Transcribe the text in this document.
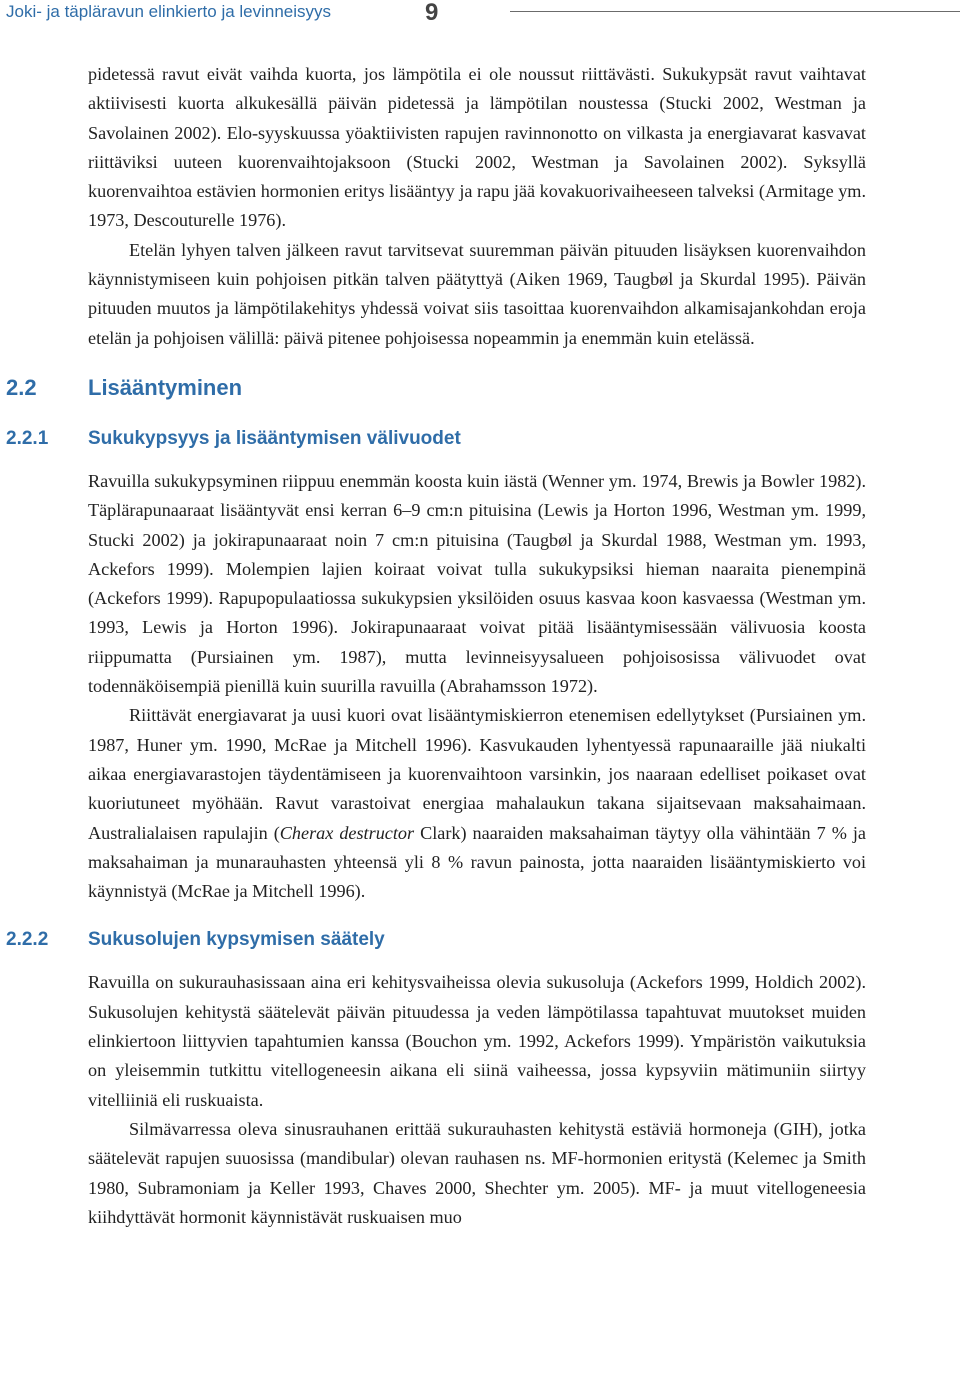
Joki- ja täpläravun elinkierto ja levinneisyys	9

pidetessä ravut eivät vaihda kuorta, jos lämpötila ei ole noussut riittävästi. Sukukypsät ravut vaihtavat aktiivisesti kuorta alkukesällä päivän pidetessä ja lämpötilan noustessa (Stucki 2002, Westman ja Savolainen 2002). Elo-syyskuussa yöaktiivisten rapujen ravinnonotto on vilkasta ja energiavarat kasvavat riittäviksi uuteen kuorenvaihtojaksoon (Stucki 2002, Westman ja Savolainen 2002). Syksyllä kuorenvaihtoa estävien hormonien eritys lisääntyy ja rapu jää kovakuorivaiheeseen talveksi (Armitage ym. 1973, Descouturelle 1976).

Etelän lyhyen talven jälkeen ravut tarvitsevat suuremman päivän pituuden lisäyksen kuorenvaihdon käynnistymiseen kuin pohjoisen pitkän talven päätyttyä (Aiken 1969, Taugbøl ja Skurdal 1995). Päivän pituuden muutos ja lämpötilakehitys yhdessä voivat siis tasoittaa kuorenvaihdon alkamisajankohdan eroja etelän ja pohjoisen välillä: päivä pitenee pohjoisessa nopeammin ja enemmän kuin etelässä.

2.2 Lisääntyminen
2.2.1 Sukukypsyys ja lisääntymisen välivuodet

Ravuilla sukukypsyminen riippuu enemmän koosta kuin iästä (Wenner ym. 1974, Brewis ja Bowler 1982). Täplärapunaaraat lisääntyvät ensi kerran 6–9 cm:n pituisina (Lewis ja Horton 1996, Westman ym. 1999, Stucki 2002) ja jokirapunaaraat noin 7 cm:n pituisina (Taugbøl ja Skurdal 1988, Westman ym. 1993, Ackefors 1999). Molempien lajien koiraat voivat tulla sukukypsiksi hieman naaraita pienempinä (Ackefors 1999). Rapupopulaatiossa sukukypsien yksilöiden osuus kasvaa koon kasvaessa (Westman ym. 1993, Lewis ja Horton 1996). Jokirapunaaraat voivat pitää lisääntymisessään välivuosia koosta riippumatta (Pursiainen ym. 1987), mutta levinneisyysalueen pohjoisosissa välivuodet ovat todennäköisempiä pienillä kuin suurilla ravuilla (Abrahamsson 1972).

Riittävät energiavarat ja uusi kuori ovat lisääntymiskierron etenemisen edellytykset (Pursiainen ym. 1987, Huner ym. 1990, McRae ja Mitchell 1996). Kasvukauden lyhentyessä rapunaaraille jää niukalti aikaa energiavarastojen täydentämiseen ja kuorenvaihtoon varsinkin, jos naaraan edelliset poikaset ovat kuoriutuneet myöhään. Ravut varastoivat energiaa mahalaukun takana sijaitsevaan maksahaimaan. Australialaisen rapulajin (Cherax destructor Clark) naaraiden maksahaiman täytyy olla vähintään 7 % ja maksahaiman ja munarauhasten yhteensä yli 8 % ravun painosta, jotta naaraiden lisääntymiskierto voi käynnistyä (McRae ja Mitchell 1996).

2.2.2 Sukusolujen kypsymisen säätely

Ravuilla on sukurauhasissaan aina eri kehitysvaiheissa olevia sukusoluja (Ackefors 1999, Holdich 2002). Sukusolujen kehitystä säätelevät päivän pituudessa ja veden lämpötilassa tapahtuvat muutokset muiden elinkiertoon liittyvien tapahtumien kanssa (Bouchon ym. 1992, Ackefors 1999). Ympäristön vaikutuksia on yleisemmin tutkittu vitellogeneesin aikana eli siinä vaiheessa, jossa kypsyviin mätimuniin siirtyy vitelliiniä eli ruskuaista.

Silmävarressa oleva sinusrauhanen erittää sukurauhasten kehitystä estäviä hormoneja (GIH), jotka säätelevät rapujen suuosissa (mandibular) olevan rauhasen ns. MF-hormonien eritystä (Kelemec ja Smith 1980, Subramoniam ja Keller 1993, Chaves 2000, Shechter ym. 2005). MF- ja muut vitellogeneesia kiihdyttävät hormonit käynnistävät ruskuaisen muo
